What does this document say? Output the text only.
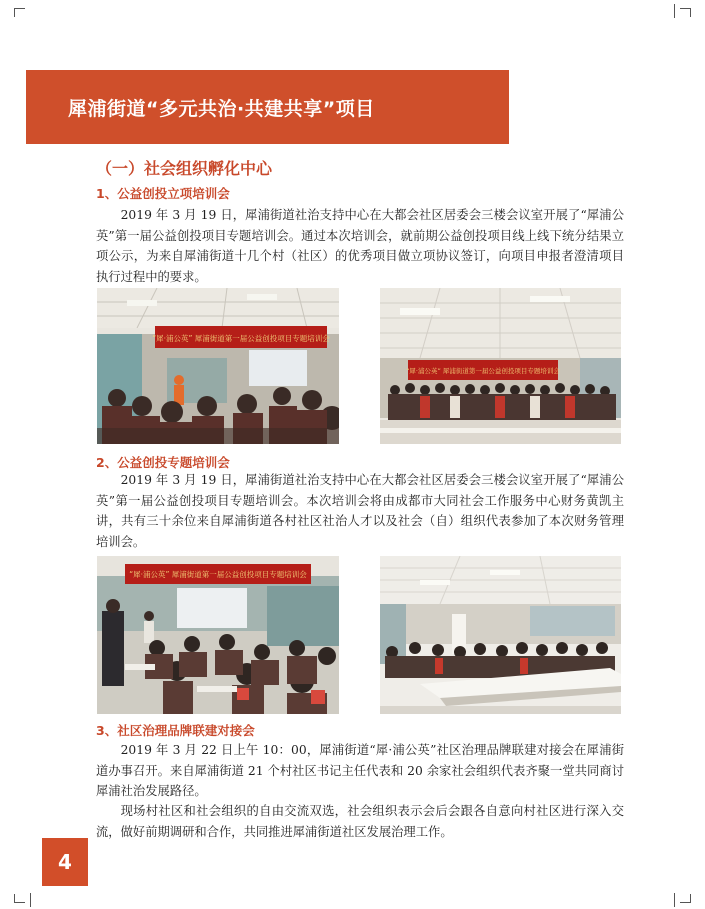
犀浦街道“多元共治·共建共享”项目
（一）社会组织孵化中心
1、公益创投立项培训会
2019 年 3 月 19 日，犀浦街道社治支持中心在大都会社区居委会三楼会议室开展了“犀浦公英”第一届公益创投项目专题培训会。通过本次培训会，就前期公益创投项目线上线下统分结果立项公示，为来自犀浦街道十几个村（社区）的优秀项目做立项协议签订，向项目申报者澄清项目执行过程中的要求。
“犀·浦公英” 犀浦街道第一届公益创投项目专题培训会
“犀·浦公英” 犀浦街道第一届公益创投项目专题培训会
2、公益创投专题培训会
2019 年 3 月 19 日，犀浦街道社治支持中心在大都会社区居委会三楼会议室开展了“犀浦公英”第一届公益创投项目专题培训会。本次培训会将由成都市大同社会工作服务中心财务黄凯主讲，共有三十余位来自犀浦街道各村社区社治人才以及社会（自）组织代表参加了本次财务管理培训会。
“犀·浦公英” 犀浦街道第一届公益创投项目专题培训会
3、社区治理品牌联建对接会
2019 年 3 月 22 日上午 10：00，犀浦街道“犀·浦公英”社区治理品牌联建对接会在犀浦街道办事召开。来自犀浦街道 21 个村社区书记主任代表和 20 余家社会组织代表齐聚一堂共同商讨犀浦社治发展路径。
现场村社区和社会组织的自由交流双选，社会组织表示会后会跟各自意向村社区进行深入交流，做好前期调研和合作，共同推进犀浦街道社区发展治理工作。
4
